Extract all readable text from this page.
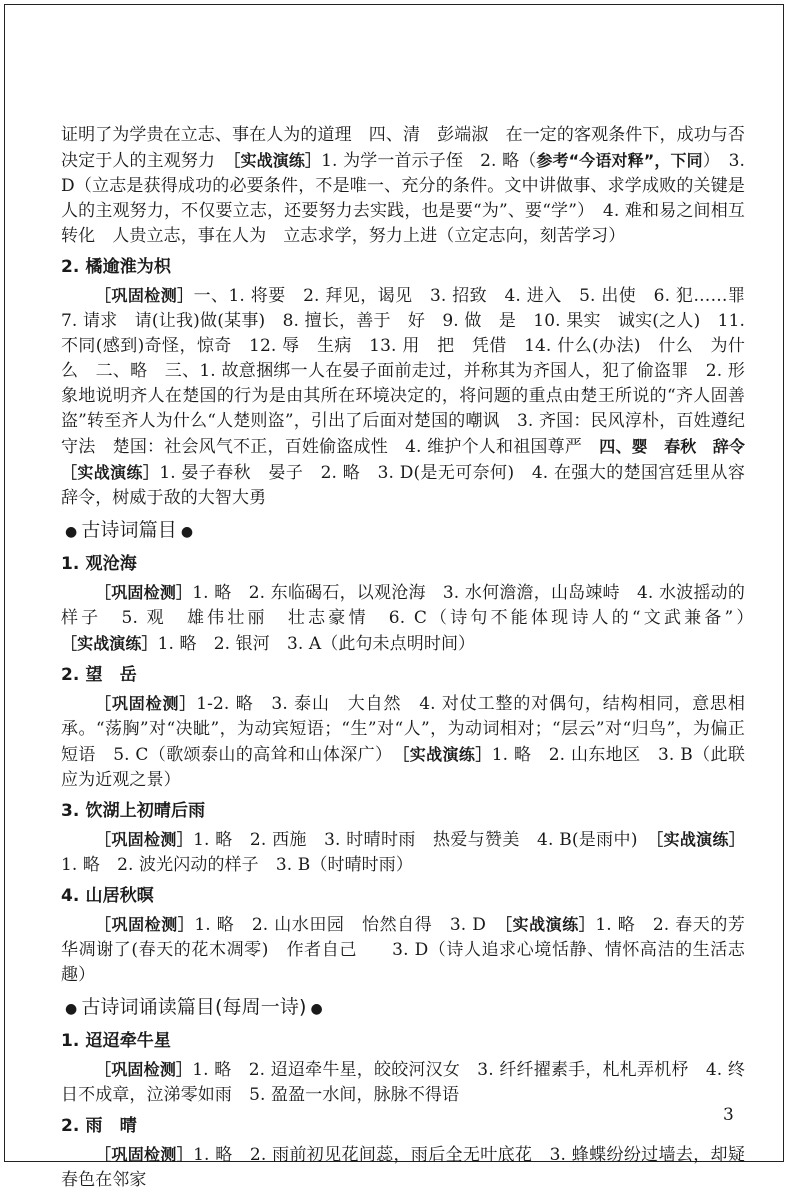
证明了为学贵在立志、事在人为的道理　四、清　彭端淑　在一定的客观条件下，成功与否决定于人的主观努力　［实战演练］1. 为学一首示子侄　2. 略（参考“今语对释”，下同）　3. D（立志是获得成功的必要条件，不是唯一、充分的条件。文中讲做事、求学成败的关键是人的主观努力，不仅要立志，还要努力去实践，也是要“为”、要“学”）　4. 难和易之间相互转化　人贵立志，事在人为　立志求学，努力上进（立定志向，刻苦学习）

2. 橘逾淮为枳

［巩固检测］一、1. 将要　2. 拜见，谒见　3. 招致　4. 进入　5. 出使　6. 犯……罪　7. 请求　请(让我)做(某事)　8. 擅长，善于　好　9. 做　是　10. 果实　诚实(之人)　11. 不同(感到)奇怪，惊奇　12. 辱　生病　13. 用　把　凭借　14. 什么(办法)　什么　为什么　二、略　三、1. 故意捆绑一人在晏子面前走过，并称其为齐国人，犯了偷盗罪　2. 形象地说明齐人在楚国的行为是由其所在环境决定的，将问题的重点由楚王所说的“齐人固善盗”转至齐人为什么“人楚则盗”，引出了后面对楚国的嘲讽　3. 齐国：民风淳朴，百姓遵纪守法　楚国：社会风气不正，百姓偷盗成性　4. 维护个人和祖国尊严　四、婴　春秋　辞令　［实战演练］1. 晏子春秋　晏子　2. 略　3. D(是无可奈何)　4. 在强大的楚国宫廷里从容辞令，树威于敌的大智大勇

● 古诗词篇目 ●
1. 观沧海

［巩固检测］1. 略　2. 东临碣石，以观沧海　3. 水何澹澹，山岛竦峙　4. 水波摇动的样子　5. 观　雄伟壮丽　壮志豪情　6. C（诗句不能体现诗人的“文武兼备”）　［实战演练］1. 略　2. 银河　3. A（此句未点明时间）

2. 望　岳

［巩固检测］1-2. 略　3. 泰山　大自然　4. 对仗工整的对偶句，结构相同，意思相承。“荡胸”对“决眦”，为动宾短语；“生”对“人”，为动词相对；“层云”对“归鸟”，为偏正短语　5. C（歌颂泰山的高耸和山体深广）　［实战演练］1. 略　2. 山东地区　3. B（此联应为近观之景）

3. 饮湖上初晴后雨

［巩固检测］1. 略　2. 西施　3. 时晴时雨　热爱与赞美　4. B(是雨中)　［实战演练］1. 略　2. 波光闪动的样子　3. B（时晴时雨）

4. 山居秋暝

［巩固检测］1. 略　2. 山水田园　怡然自得　3. D　［实战演练］1. 略　2. 春天的芳华凋谢了(春天的花木凋零)　作者自己　　3. D（诗人追求心境恬静、情怀高洁的生活志趣）

● 古诗词诵读篇目(每周一诗) ●
1. 迢迢牵牛星

［巩固检测］1. 略　2. 迢迢牵牛星，皎皎河汉女　3. 纤纤擢素手，札札弄机杼　4. 终日不成章，泣涕零如雨　5. 盈盈一水间，脉脉不得语

2. 雨　晴

［巩固检测］1. 略　2. 雨前初见花间蕊，雨后全无叶底花　3. 蜂蝶纷纷过墙去，却疑春色在邻家

3
